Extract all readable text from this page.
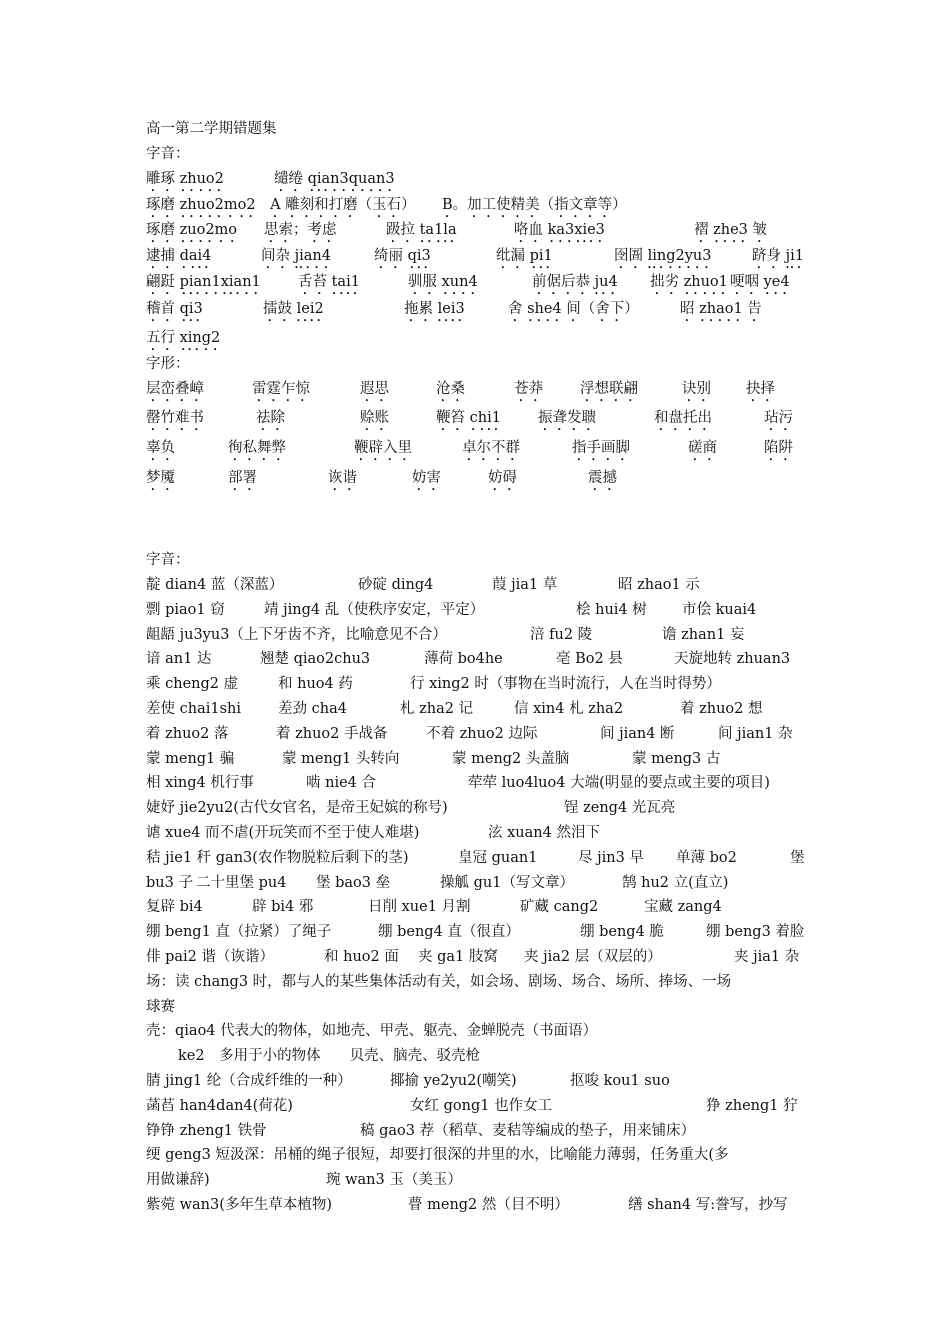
高一第二学期错题集
字音：
雕琢 zhuo2	缱绻 qian3quan3
琢磨 zhuo2mo2　A 雕刻和打磨（玉石） B。加工使精美（指文章等）
琢磨 zuo2mo 思索；考虑	趿拉 ta1la	咯血 ka3xie3	褶 zhe3 皱
逮捕 dai4	间杂 jian4	绮丽 qi3	纰漏 pi1	囹圄 ling2yu3	跻身 ji1
翩跹 pian1xian1	舌苔 tai1	驯服 xun4	前倨后恭 ju4 拙劣 zhuo1 哽咽 ye4
稽首 qi3	擂鼓 lei2	拖累 lei3	舍 she4 间（舍下）	昭 zhao1 告
五行 xing2
字形：
层峦叠嶂	雷霆乍惊	遐思	沧桑	苍莽	浮想联翩	诀别 抉择
罄竹难书	祛除	赊账	鞭笞 chi1	振聋发聩	和盘托出	玷污
辜负	徇私舞弊	鞭辟入里	卓尔不群	指手画脚	磋商	陷阱
梦魇	部署	诙谐	妨害	妨碍	震撼
字音：
靛 dian4 蓝（深蓝）	砂碇 ding4	葭 jia1 草	昭 zhao1 示
剽 piao1 窃	靖 jing4 乱（使秩序安定，平定）	桧 hui4 树 市侩 kuai4
龃龉 ju3yu3（上下牙齿不齐，比喻意见不合）	涪 fu2 陵	谵 zhan1 妄
谙 an1 达	翘楚 qiao2chu3	薄荷 bo4he	亳 Bo2 县	天旋地转 zhuan3
乘 cheng2 虚	和 huo4 药	行 xing2 时（事物在当时流行，人在当时得势）
差使 chai1shi	差劲 cha4	札 zha2 记	信 xin4 札 zha2	着 zhuo2 想
着 zhuo2 落	着 zhuo2 手战备	不着 zhuo2 边际	间 jian4 断	间 jian1 杂
蒙 meng1 骗	蒙 meng1 头转向	蒙 meng2 头盖脑	蒙 meng3 古
相 xing4 机行事	啮 nie4 合	荦荦 luo4luo4 大端(明显的要点或主要的项目)
婕妤 jie2yu2(古代女官名，是帝王妃嫔的称号)	锃 zeng4 光瓦亮
谑 xue4 而不虐(开玩笑而不至于使人难堪)	泫 xuan4 然泪下
秸 jie1 秆 gan3(农作物脱粒后剩下的茎)	皇冠 guan1	尽 jin3 早 单薄 bo2	堡
bu3 子 二十里堡 pu4 堡 bao3 垒	操觚 gu1（写文章）	鹄 hu2 立(直立)
复辟 bi4	辟 bi4 邪	日削 xue1 月割	矿藏 cang2	宝藏 zang4
绷 beng1 直（拉紧）了绳子	绷 beng4 直（很直）	绷 beng4 脆	绷 beng3 着脸
俳 pai2 谐（诙谐）	和 huo2 面 夹 ga1 肢窝 夹 jia2 层（双层的）	夹 jia1 杂
场：读 chang3 时，都与人的某些集体活动有关，如会场、剧场、场合、场所、捧场、一场
球赛
壳：qiao4 代表大的物体，如地壳、甲壳、躯壳、金蝉脱壳（书面语）
ke2　多用于小的物体　　贝壳、脑壳、驳壳枪
腈 jing1 纶（合成纤维的一种）	揶揄 ye2yu2(嘲笑)	抠唆 kou1 suo
菡萏 han4dan4(荷花)	女红 gong1 也作女工	狰 zheng1 狞
铮铮 zheng1 铁骨	稿 gao3 荐（稻草、麦秸等编成的垫子，用来铺床）
绠 geng3 短汲深：吊桶的绳子很短，却要打很深的井里的水，比喻能力薄弱，任务重大(多
用做谦辞)	琬 wan3 玉（美玉）
紫菀 wan3(多年生草本植物)	瞢 meng2 然（目不明）	缮 shan4 写:誊写，抄写
